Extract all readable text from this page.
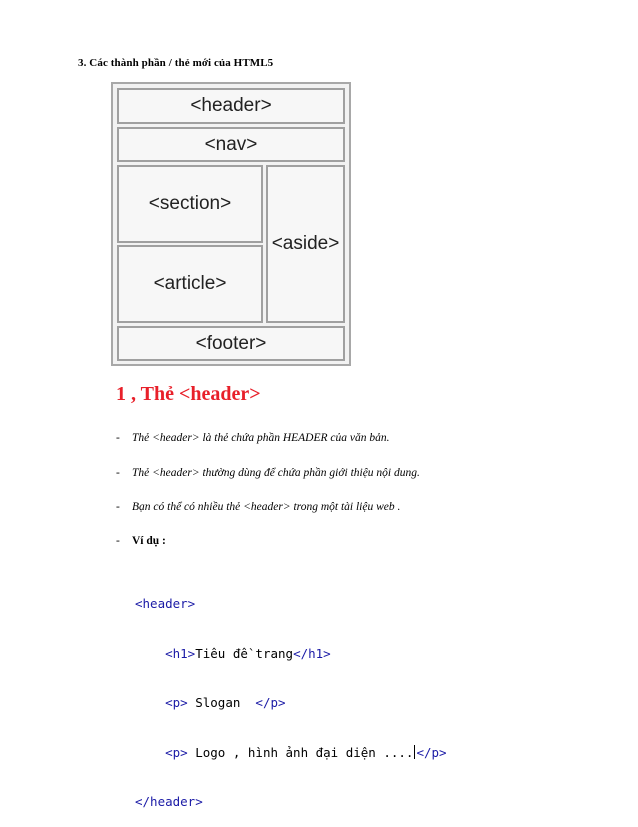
3. Các thành phần / thẻ mới của HTML5
<header>
<nav>
<section>
<article>
<aside>
<footer>
1 , Thẻ <header>
-	Thẻ <header> là thẻ chứa phần HEADER của văn bản.
-	Thẻ <header> thường dùng để chứa phần giới thiệu nội dung.
-	Bạn có thể có nhiều thẻ <header> trong một tài liệu web .
-	Ví dụ :

<header>

<h1>Tiêu đề trang</h1>

<p> Slogan  </p>

<p> Logo , hình ảnh đại diện .... </p>

</header>
